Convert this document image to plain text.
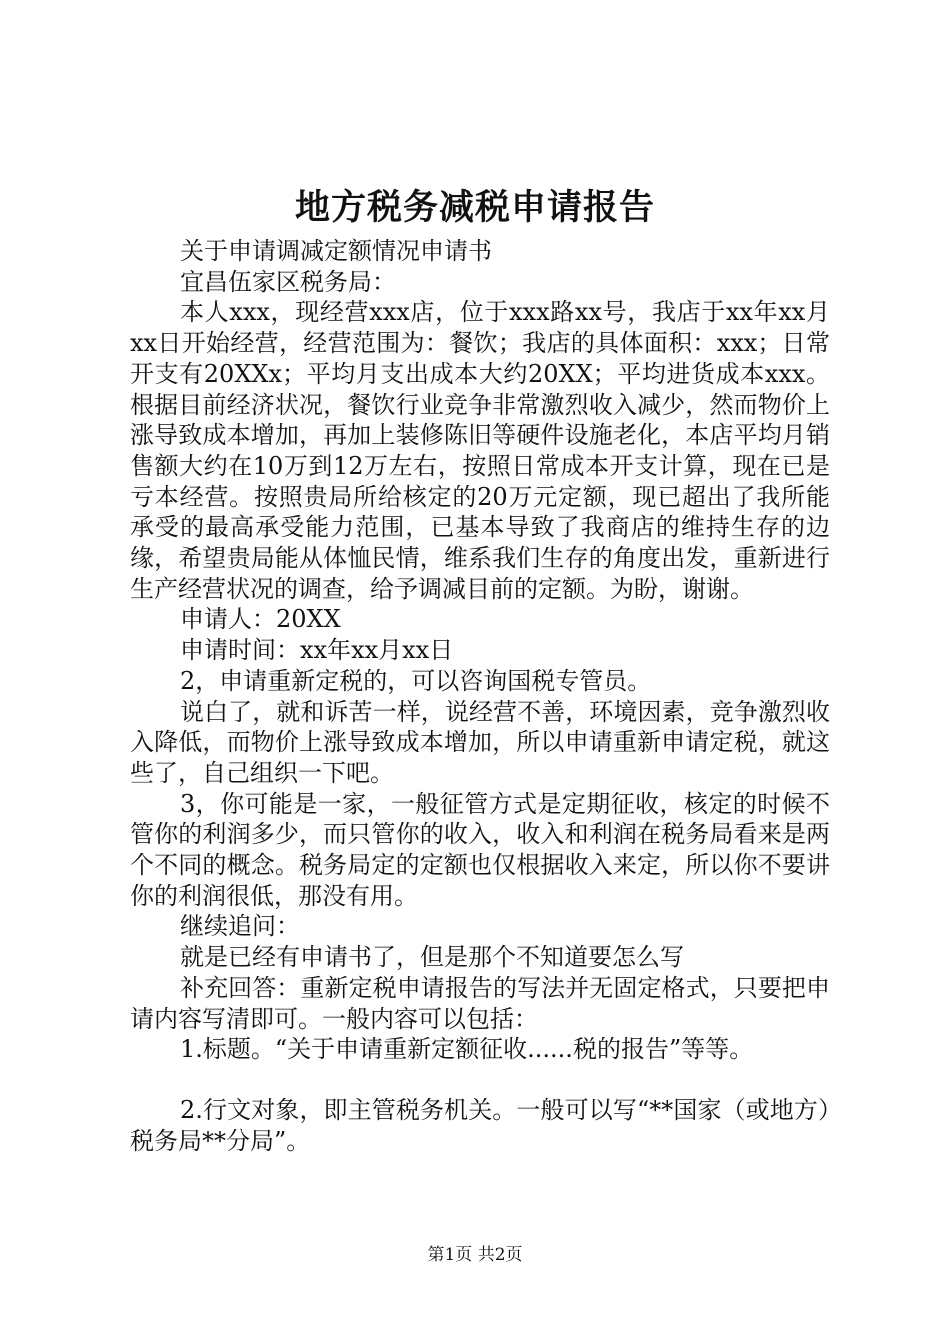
地方税务减税申请报告

关于申请调减定额情况申请书

宜昌伍家区税务局：

本人xxx，现经营xxx店，位于xxx路xx号，我店于xx年xx月xx日开始经营，经营范围为：餐饮；我店的具体面积：xxx；日常开支有20XXx；平均月支出成本大约20XX；平均进货成本xxx。根据目前经济状况，餐饮行业竞争非常激烈收入减少，然而物价上涨导致成本增加，再加上装修陈旧等硬件设施老化，本店平均月销售额大约在10万到12万左右，按照日常成本开支计算，现在已是亏本经营。按照贵局所给核定的20万元定额，现已超出了我所能承受的最高承受能力范围，已基本导致了我商店的维持生存的边缘，希望贵局能从体恤民情，维系我们生存的角度出发，重新进行生产经营状况的调查，给予调减目前的定额。为盼，谢谢。

申请人：20XX

申请时间：xx年xx月xx日

2，申请重新定税的，可以咨询国税专管员。

说白了，就和诉苦一样，说经营不善，环境因素，竞争激烈收入降低，而物价上涨导致成本增加，所以申请重新申请定税，就这些了，自己组织一下吧。

3，你可能是一家，一般征管方式是定期征收，核定的时候不管你的利润多少，而只管你的收入，收入和利润在税务局看来是两个不同的概念。税务局定的定额也仅根据收入来定，所以你不要讲你的利润很低，那没有用。

继续追问：

就是已经有申请书了，但是那个不知道要怎么写

补充回答：重新定税申请报告的写法并无固定格式，只要把申请内容写清即可。一般内容可以包括：

1.标题。“关于申请重新定额征收......税的报告”等等。

2.行文对象，即主管税务机关。一般可以写“**国家（或地方）税务局**分局”。

第1页 共2页
